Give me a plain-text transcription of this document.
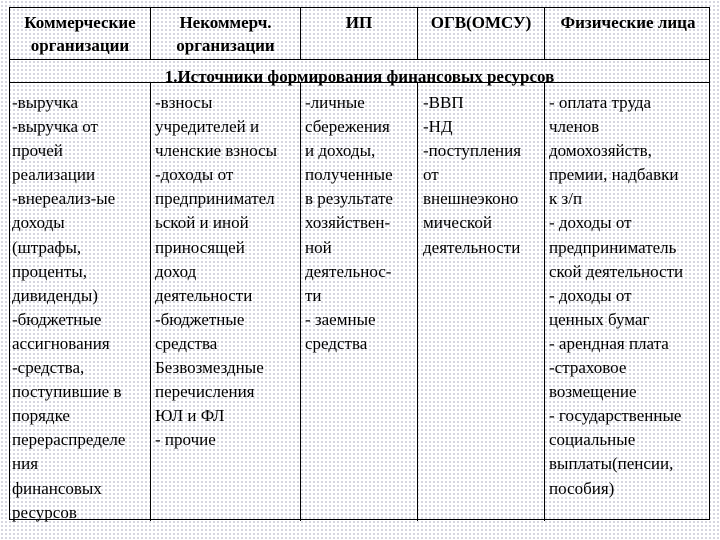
Коммерческие
организации
Некоммерч.
организации
ИП	ОГВ(ОМСУ)	Физические лица
1.Источники формирования финансовых ресурсов
-выручка
-выручка от
прочей
реализации
-внереализ-ые
доходы
(штрафы,
проценты,
дивиденды)
-бюджетные
ассигнования
-средства,
поступившие в
порядке
перераспределе
ния
финансовых
ресурсов
-взносы
учредителей и
членские взносы
-доходы от
предпринимател
ьской и иной
приносящей
доход
деятельности
-бюджетные
средства
Безвозмездные
перечисления
ЮЛ и ФЛ
- прочие
-личные
сбережения
и доходы,
полученные
в результате
хозяйствен-
ной
деятельнос-
ти
- заемные
средства
-ВВП
-НД
-поступления
от
внешнеэконо
мической
деятельности
- оплата труда
членов
домохозяйств,
премии, надбавки
к з/п
- доходы от
предприниматель
ской деятельности
- доходы от
ценных бумаг
- арендная плата
-страховое
возмещение
- государственные
социальные
выплаты(пенсии,
пособия)
